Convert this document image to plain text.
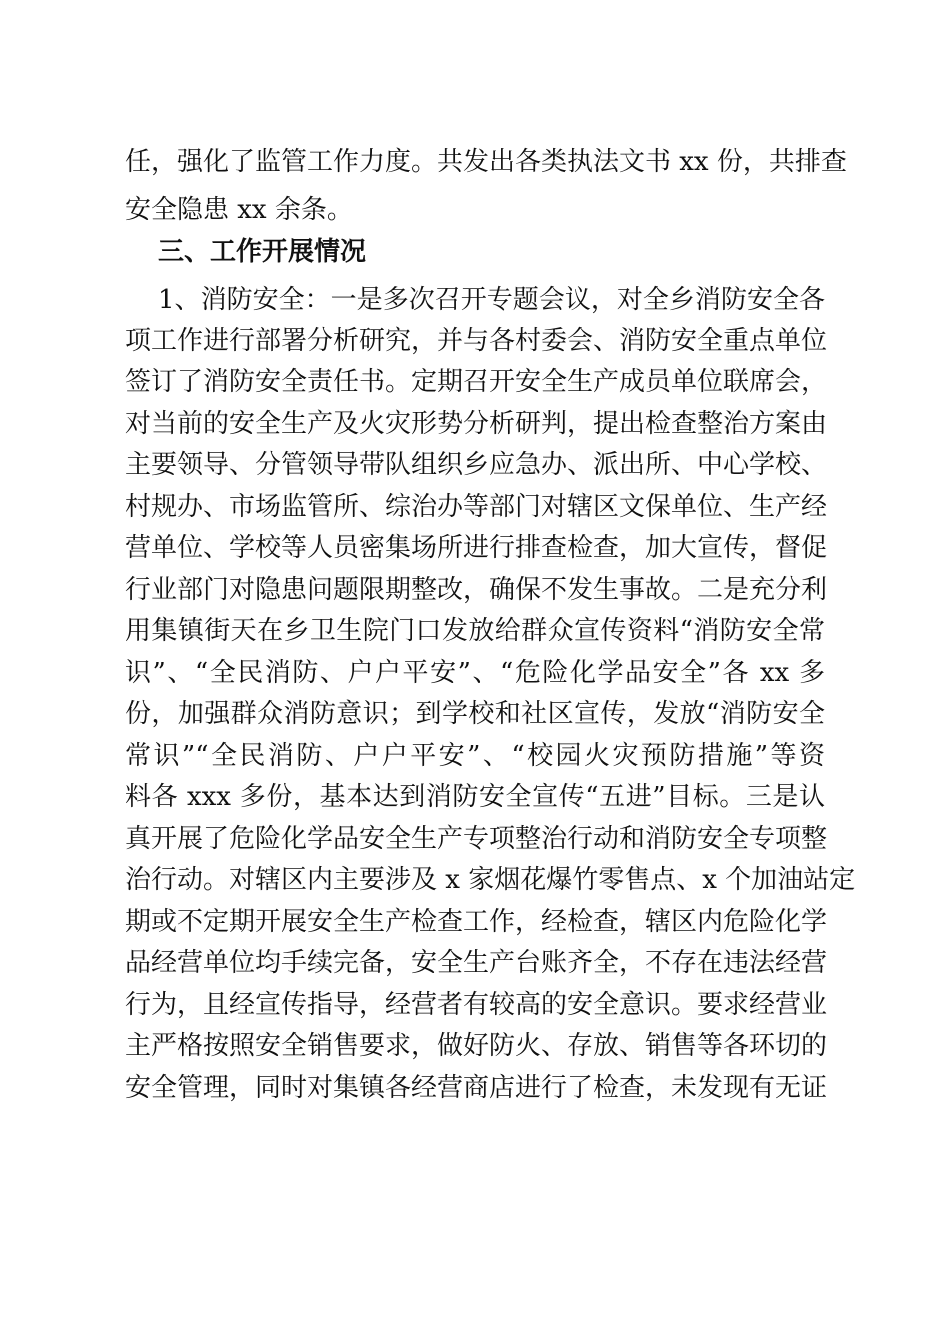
任，强化了监管工作力度。共发出各类执法文书 xx 份，共排查
安全隐患 xx 余条。
三、工作开展情况
1、消防安全：一是多次召开专题会议，对全乡消防安全各
项工作进行部署分析研究，并与各村委会、消防安全重点单位
签订了消防安全责任书。定期召开安全生产成员单位联席会，
对当前的安全生产及火灾形势分析研判，提出检查整治方案由
主要领导、分管领导带队组织乡应急办、派出所、中心学校、
村规办、市场监管所、综治办等部门对辖区文保单位、生产经
营单位、学校等人员密集场所进行排查检查，加大宣传，督促
行业部门对隐患问题限期整改，确保不发生事故。二是充分利
用集镇街天在乡卫生院门口发放给群众宣传资料“消防安全常
识”、“全民消防、户户平安”、“危险化学品安全”各 xx 多
份，加强群众消防意识；到学校和社区宣传，发放“消防安全
常识”“全民消防、户户平安”、“校园火灾预防措施”等资
料各 xxx 多份，基本达到消防安全宣传“五进”目标。三是认
真开展了危险化学品安全生产专项整治行动和消防安全专项整
治行动。对辖区内主要涉及 x 家烟花爆竹零售点、x 个加油站定
期或不定期开展安全生产检查工作，经检查，辖区内危险化学
品经营单位均手续完备，安全生产台账齐全，不存在违法经营
行为，且经宣传指导，经营者有较高的安全意识。要求经营业
主严格按照安全销售要求，做好防火、存放、销售等各环切的
安全管理，同时对集镇各经营商店进行了检查，未发现有无证
